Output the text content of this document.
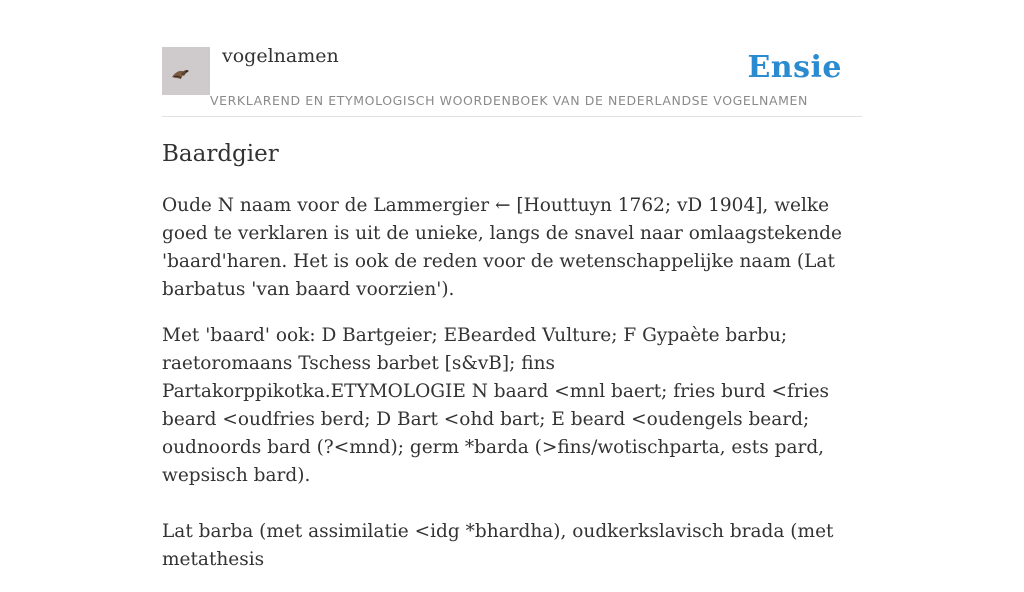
vogelnamen	Ensie
VERKLAREND EN ETYMOLOGISCH WOORDENBOEK VAN DE NEDERLANDSE VOGELNAMEN
Baardgier

Oude N naam voor de Lammergier ← [Houttuyn 1762; vD 1904], welke goed te verklaren is uit de unieke, langs de snavel naar omlaagstekende 'baard'haren. Het is ook de reden voor de wetenschappelijke naam (Lat barbatus 'van baard voorzien').

Met 'baard' ook: D Bartgeier; EBearded Vulture; F Gypaète barbu; raetoromaans Tschess barbet [s&vB]; fins Partakorppikotka.ETYMOLOGIE N baard <mnl baert; fries burd <fries beard <oudfries berd; D Bart <ohd bart; E beard <oudengels beard; oudnoords bard (?<mnd); germ *barda (>fins/wotischparta, ests pard, wepsisch bard).

Lat barba (met assimilatie <idg *bhardha), oudkerkslavisch brada (met metathesis
